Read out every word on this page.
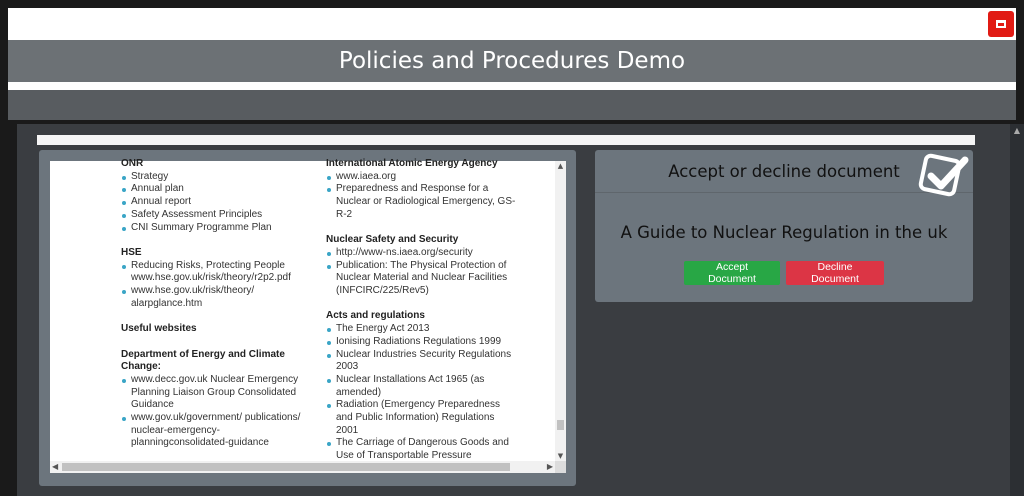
Policies and Procedures Demo
ONR
Strategy
Annual plan
Annual report
Safety Assessment Principles
CNI Summary Programme Plan
HSE
Reducing Risks, Protecting People www.hse.gov.uk/risk/theory/r2p2.pdf
www.hse.gov.uk/risk/theory/ alarpglance.htm
Useful websites
Department of Energy and Climate Change:
www.decc.gov.uk Nuclear Emergency Planning Liaison Group Consolidated Guidance
www.gov.uk/government/ publications/ nuclear-emergency-planningconsolidated-guidance
International Atomic Energy Agency
www.iaea.org
Preparedness and Response for a Nuclear or Radiological Emergency, GS-R-2
Nuclear Safety and Security
http://www-ns.iaea.org/security
Publication: The Physical Protection of Nuclear Material and Nuclear Facilities (INFCIRC/225/Rev5)
Acts and regulations
The Energy Act 2013
Ionising Radiations Regulations 1999
Nuclear Industries Security Regulations 2003
Nuclear Installations Act 1965 (as amended)
Radiation (Emergency Preparedness and Public Information) Regulations 2001
The Carriage of Dangerous Goods and Use of Transportable Pressure
▲
▼
◀	▶
Accept or decline document
A Guide to Nuclear Regulation in the uk
Accept Document
Decline Document
▲
